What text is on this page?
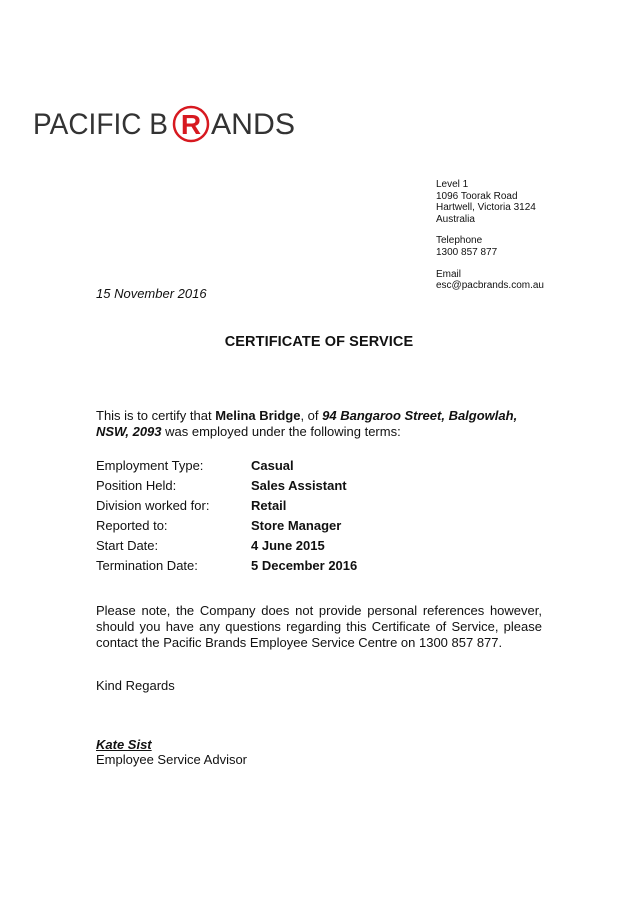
PACIFIC B R ANDS
Level 1
1096 Toorak Road
Hartwell, Victoria 3124
Australia
Telephone
1300 857 877
Email
esc@pacbrands.com.au
15 November 2016
CERTIFICATE OF SERVICE
This is to certify that Melina Bridge, of 94 Bangaroo Street, Balgowlah, NSW, 2093 was employed under the following terms:
Employment Type:	Casual
Position Held:	Sales Assistant
Division worked for:	Retail
Reported to:	Store Manager
Start Date:	4 June 2015
Termination Date:	5 December 2016
Please note, the Company does not provide personal references however, should you have any questions regarding this Certificate of Service, please contact the Pacific Brands Employee Service Centre on 1300 857 877.
Kind Regards
Kate Sist
Employee Service Advisor
